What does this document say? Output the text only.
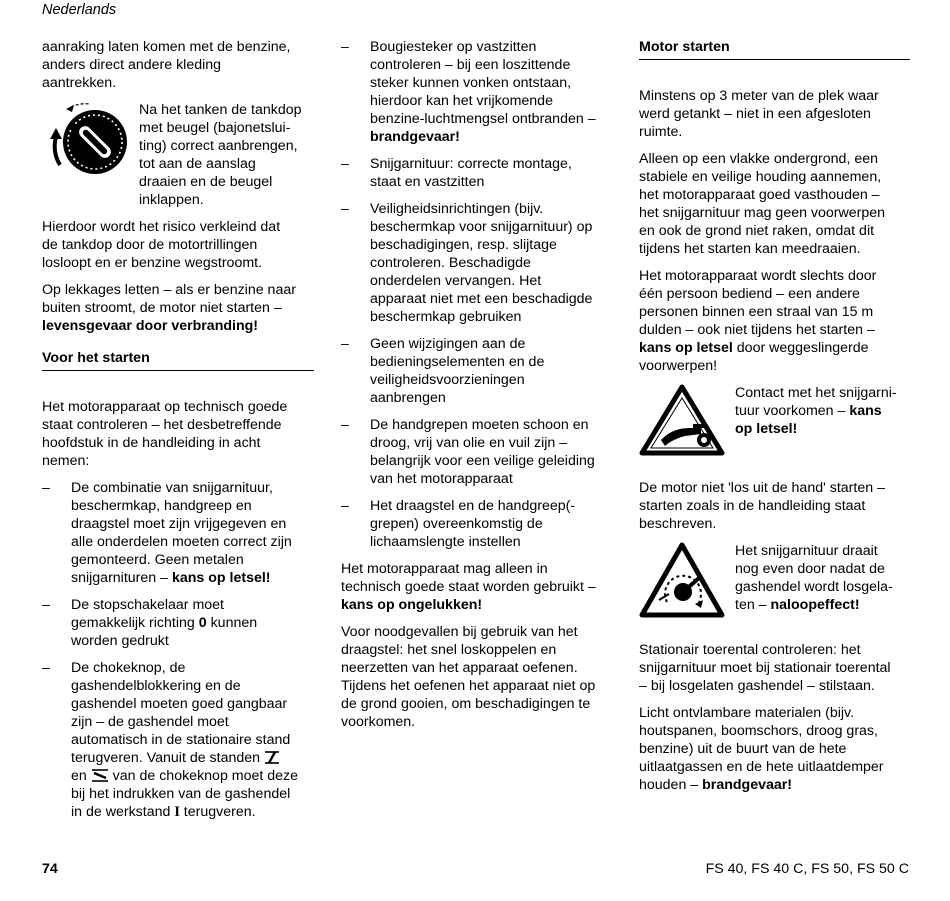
Nederlands

aanraking laten komen met de benzine,
anders direct andere kleding
aantrekken.

Na het tanken de tankdop
met beugel (bajonetslui-
ting) correct aanbrengen,
tot aan de aanslag
draaien en de beugel
inklappen.

Hierdoor wordt het risico verkleind dat
de tankdop door de motortrillingen
losloopt en er benzine wegstroomt.

Op lekkages letten – als er benzine naar
buiten stroomt, de motor niet starten –
levensgevaar door verbranding!

Voor het starten

Het motorapparaat op technisch goede
staat controleren – het desbetreffende
hoofdstuk in de handleiding in acht
nemen:

– De combinatie van snijgarnituur,
beschermkap, handgreep en
draagstel moet zijn vrijgegeven en
alle onderdelen moeten correct zijn
gemonteerd. Geen metalen
snijgarnituren – kans op letsel!
– De stopschakelaar moet
gemakkelijk richting 0 kunnen
worden gedrukt
– De chokeknop, de
gashendelblokkering en de
gashendel moeten goed gangbaar
zijn – de gashendel moet
automatisch in de stationaire stand
terugveren. Vanuit de standen
en  van de chokeknop moet deze
bij het indrukken van de gashendel
in de werkstand I terugveren.
– Bougiesteker op vastzitten
controleren – bij een loszittende
steker kunnen vonken ontstaan,
hierdoor kan het vrijkomende
benzine-luchtmengsel ontbranden –
brandgevaar!
– Snijgarnituur: correcte montage,
staat en vastzitten
– Veiligheidsinrichtingen (bijv.
beschermkap voor snijgarnituur) op
beschadigingen, resp. slijtage
controleren. Beschadigde
onderdelen vervangen. Het
apparaat niet met een beschadigde
beschermkap gebruiken
– Geen wijzigingen aan de
bedieningselementen en de
veiligheidsvoorzieningen
aanbrengen
– De handgrepen moeten schoon en
droog, vrij van olie en vuil zijn –
belangrijk voor een veilige geleiding
van het motorapparaat
– Het draagstel en de handgreep(-
grepen) overeenkomstig de
lichaamslengte instellen

Het motorapparaat mag alleen in
technisch goede staat worden gebruikt –
kans op ongelukken!

Voor noodgevallen bij gebruik van het
draagstel: het snel loskoppelen en
neerzetten van het apparaat oefenen.
Tijdens het oefenen het apparaat niet op
de grond gooien, om beschadigingen te
voorkomen.

Motor starten

Minstens op 3 meter van de plek waar
werd getankt – niet in een afgesloten
ruimte.

Alleen op een vlakke ondergrond, een
stabiele en veilige houding aannemen,
het motorapparaat goed vasthouden –
het snijgarnituur mag geen voorwerpen
en ook de grond niet raken, omdat dit
tijdens het starten kan meedraaien.

Het motorapparaat wordt slechts door
één persoon bediend – een andere
personen binnen een straal van 15 m
dulden – ook niet tijdens het starten –
kans op letsel door weggeslingerde
voorwerpen!

Contact met het snijgarni-
tuur voorkomen – kans
op letsel!

De motor niet 'los uit de hand' starten –
starten zoals in de handleiding staat
beschreven.

Het snijgarnituur draait
nog even door nadat de
gashendel wordt losgela-
ten – naloopeffect!

Stationair toerental controleren: het
snijgarnituur moet bij stationair toerental
– bij losgelaten gashendel – stilstaan.

Licht ontvlambare materialen (bijv.
houtspanen, boomschors, droog gras,
benzine) uit de buurt van de hete
uitlaatgassen en de hete uitlaatdemper
houden – brandgevaar!

74	FS 40, FS 40 C, FS 50, FS 50 C
